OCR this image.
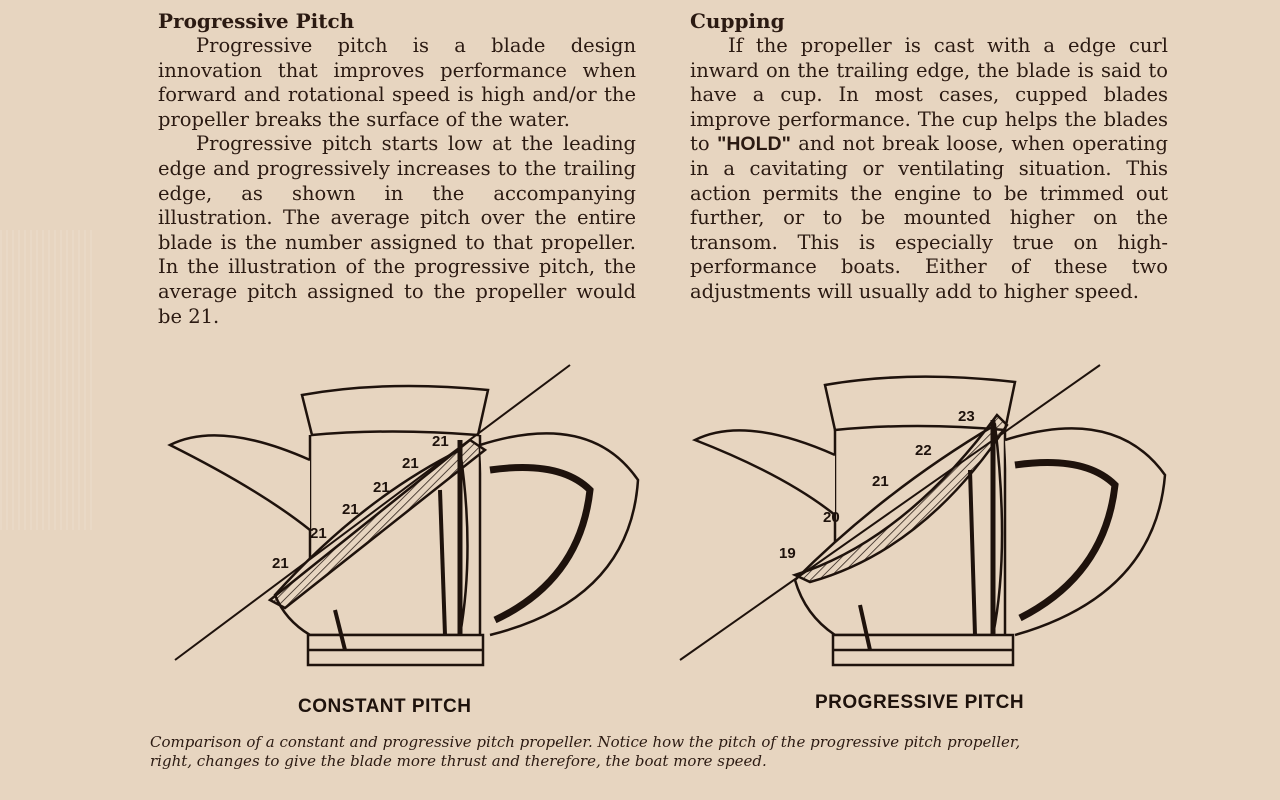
Progressive Pitch

Progressive pitch is a blade design innovation that improves performance when forward and rotational speed is high and/or the propeller breaks the surface of the water.

Progressive pitch starts low at the leading edge and progressively increases to the trailing edge, as shown in the accompanying illustration. The average pitch over the entire blade is the number assigned to that propeller. In the illustration of the progressive pitch, the average pitch assigned to the propeller would be 21.

Cupping

If the propeller is cast with a edge curl inward on the trailing edge, the blade is said to have a cup. In most cases, cupped blades improve performance. The cup helps the blades to "HOLD" and not break loose, when operating in a cavitating or ventilating situation. This action permits the engine to be trimmed out further, or to be mounted higher on the transom. This is especially true on high-performance boats. Either of these two adjustments will usually add to higher speed.

21
21
21
21
21
21
CONSTANT PITCH
19
20
21
22
23
PROGRESSIVE PITCH
Comparison of a constant and progressive pitch propeller. Notice how the pitch of the progressive pitch propeller,
right, changes to give the blade more thrust and therefore, the boat more speed.
